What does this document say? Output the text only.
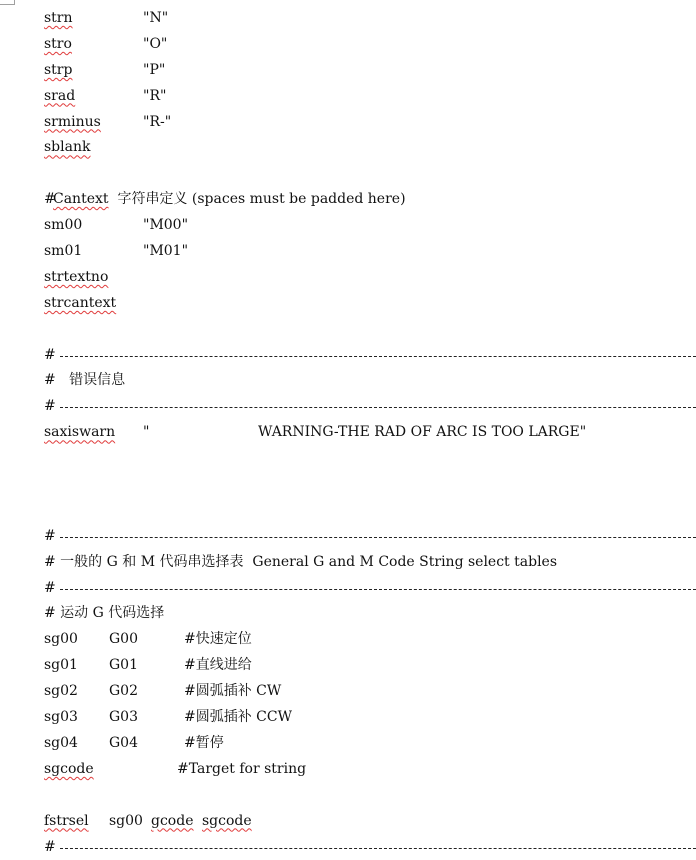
strn	"N"
stro	"O"
strp	"P"
srad	"R"
srminus	"R-"
sblank
#
Cantext 字符串定义 (spaces must be padded here)
sm00	"M00"
sm01	"M01"
strtextno
strcantext
#
#   错误信息
#
saxiswarn "	WARNING-THE RAD OF ARC IS TOO LARGE"
#
# 一般的 G 和 M 代码串选择表  General G and M Code String select tables
#
# 运动 G 代码选择
sg00 G00	#快速定位
sg01 G01	#直线进给
sg02 G02	#圆弧插补 CW
sg03 G03	#圆弧插补 CCW
sg04 G04	#暂停
sgcode	#Target for string
fstrsel sg00 gcode sgcode
#
